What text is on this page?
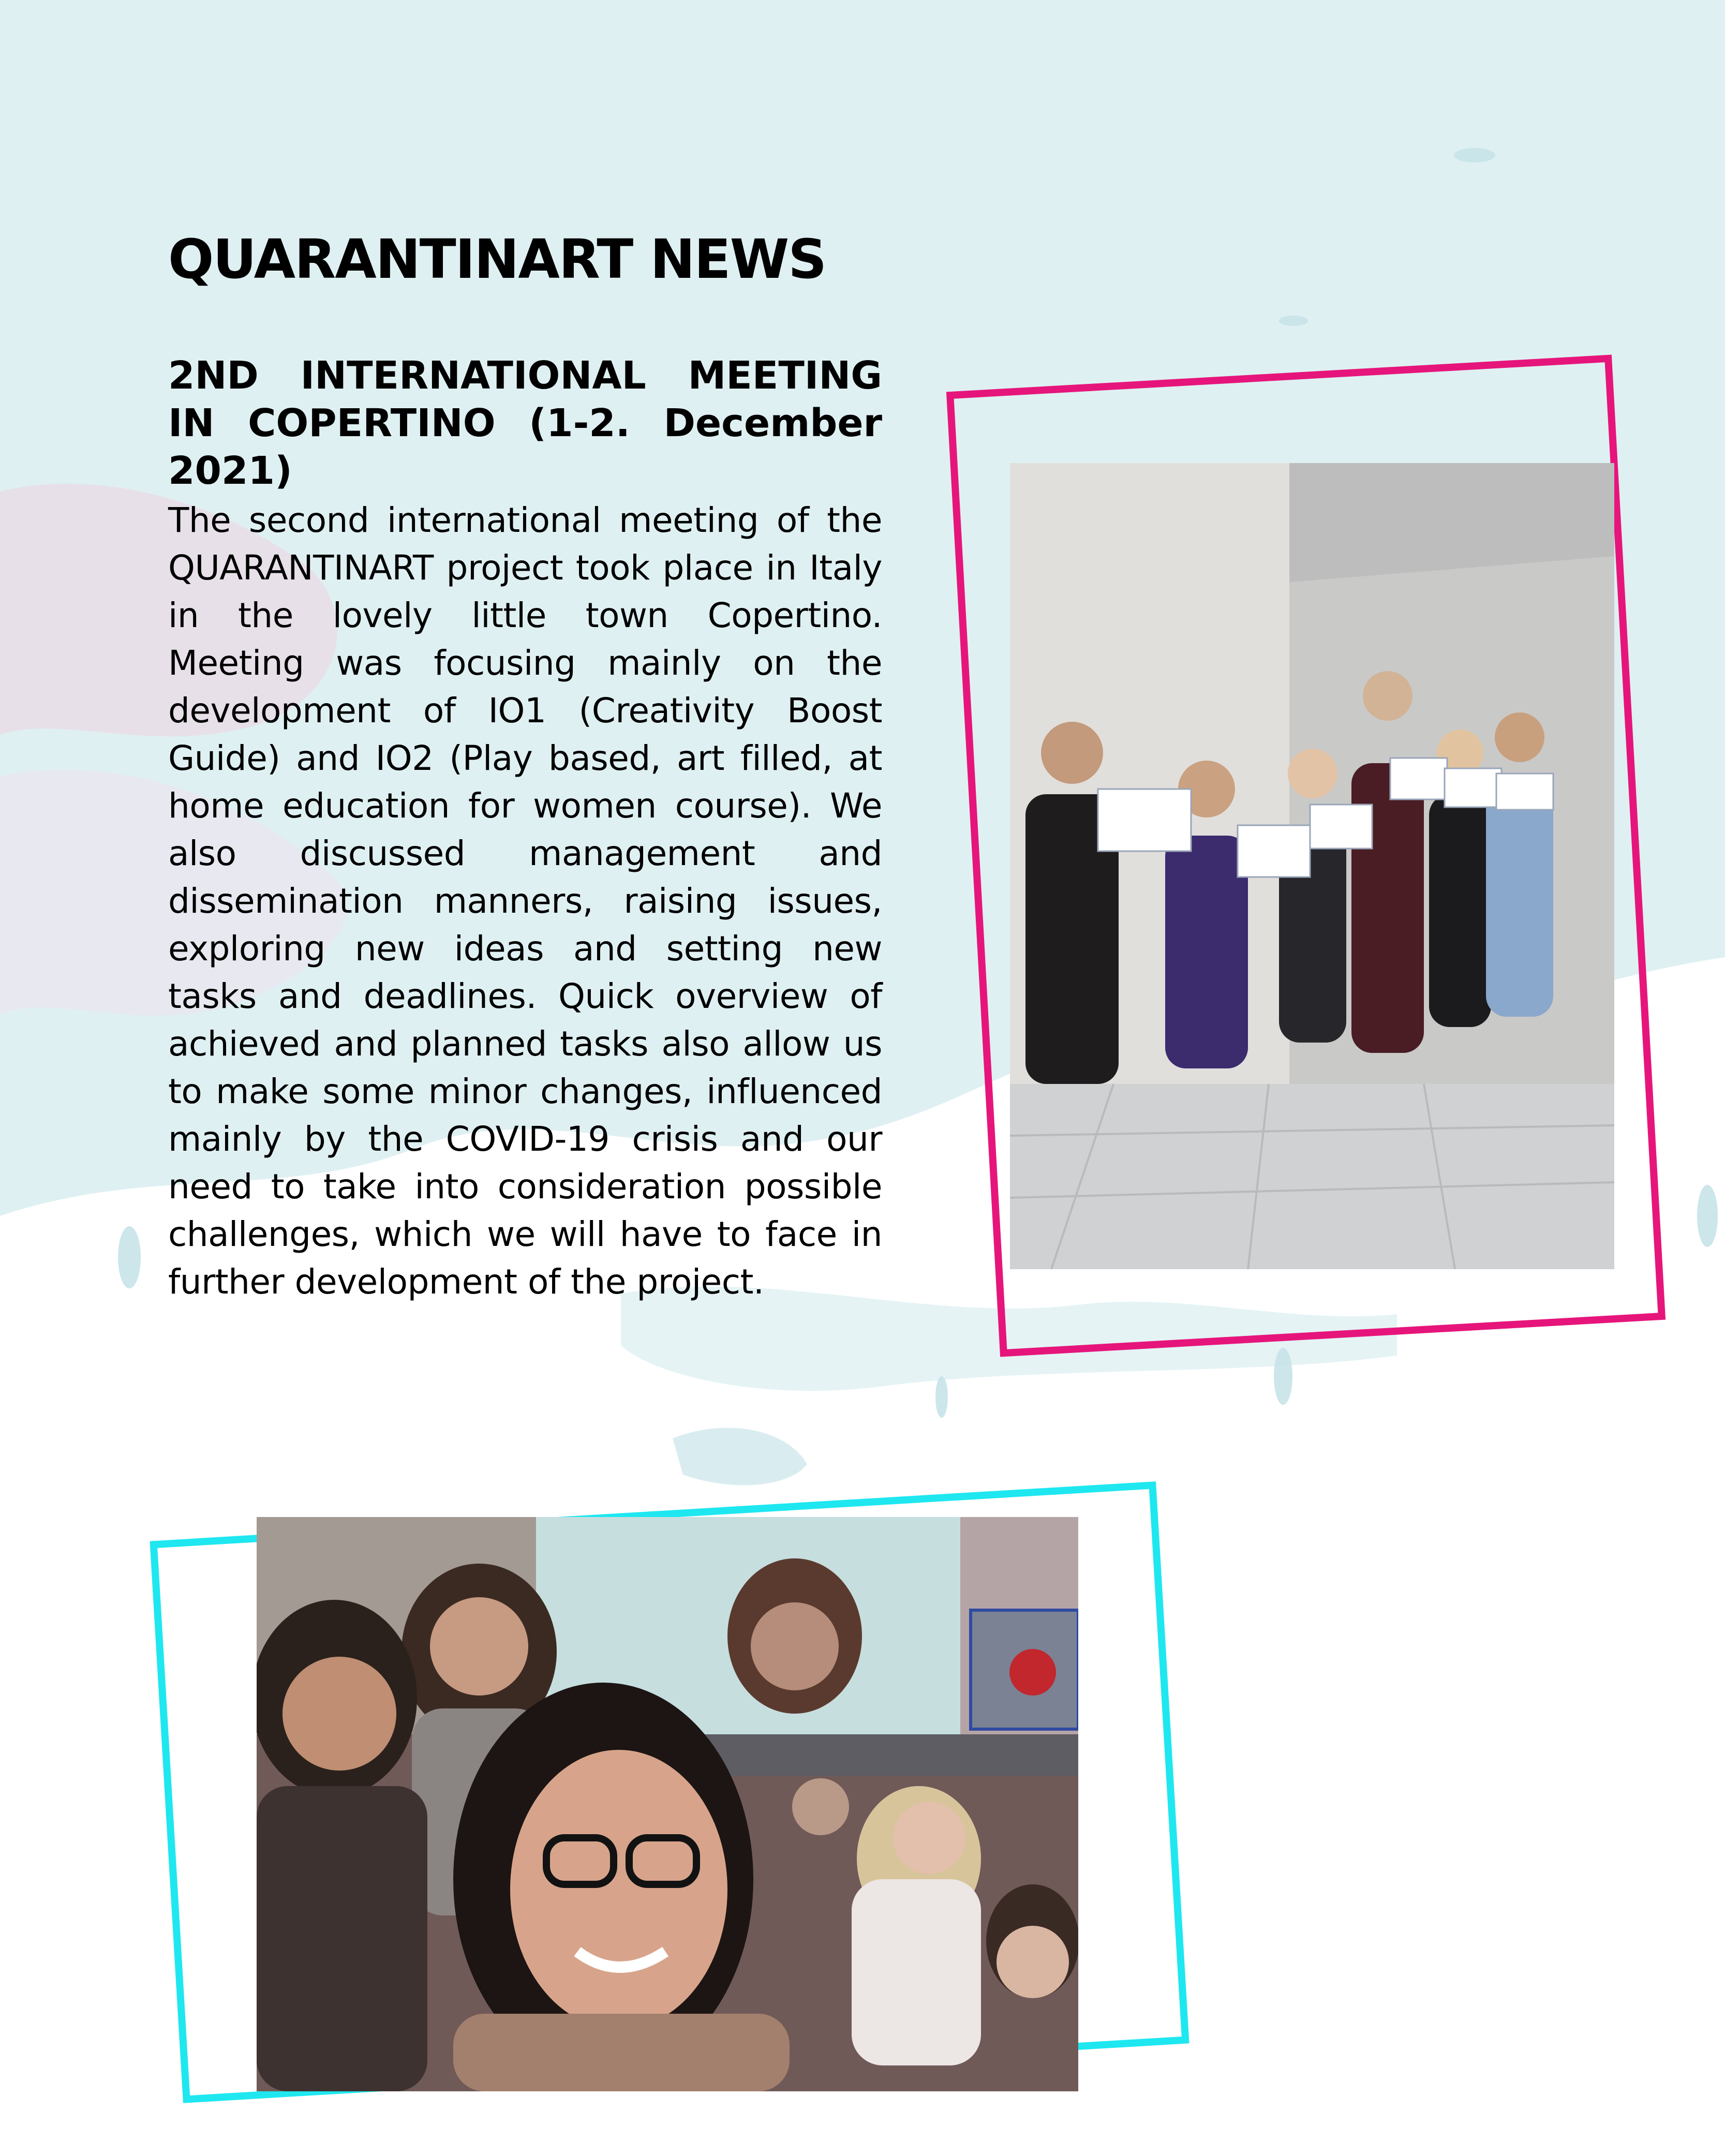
QUARANTINART NEWS
2ND INTERNATIONAL MEETING IN COPERTINO (1-2. December 2021)

The second international meeting of the QUARANTINART project took place in Italy in the lovely little town Copertino. Meeting was focusing mainly on the development of IO1 (Creativity Boost Guide) and IO2 (Play based, art filled, at home education for women course). We also discussed management and dissemination manners, raising issues, exploring new ideas and setting new tasks and deadlines. Quick overview of achieved and planned tasks also allow us to make some minor changes, influenced mainly by the COVID-19 crisis and our need to take into consideration possible challenges, which we will have to face in further development of the project.
